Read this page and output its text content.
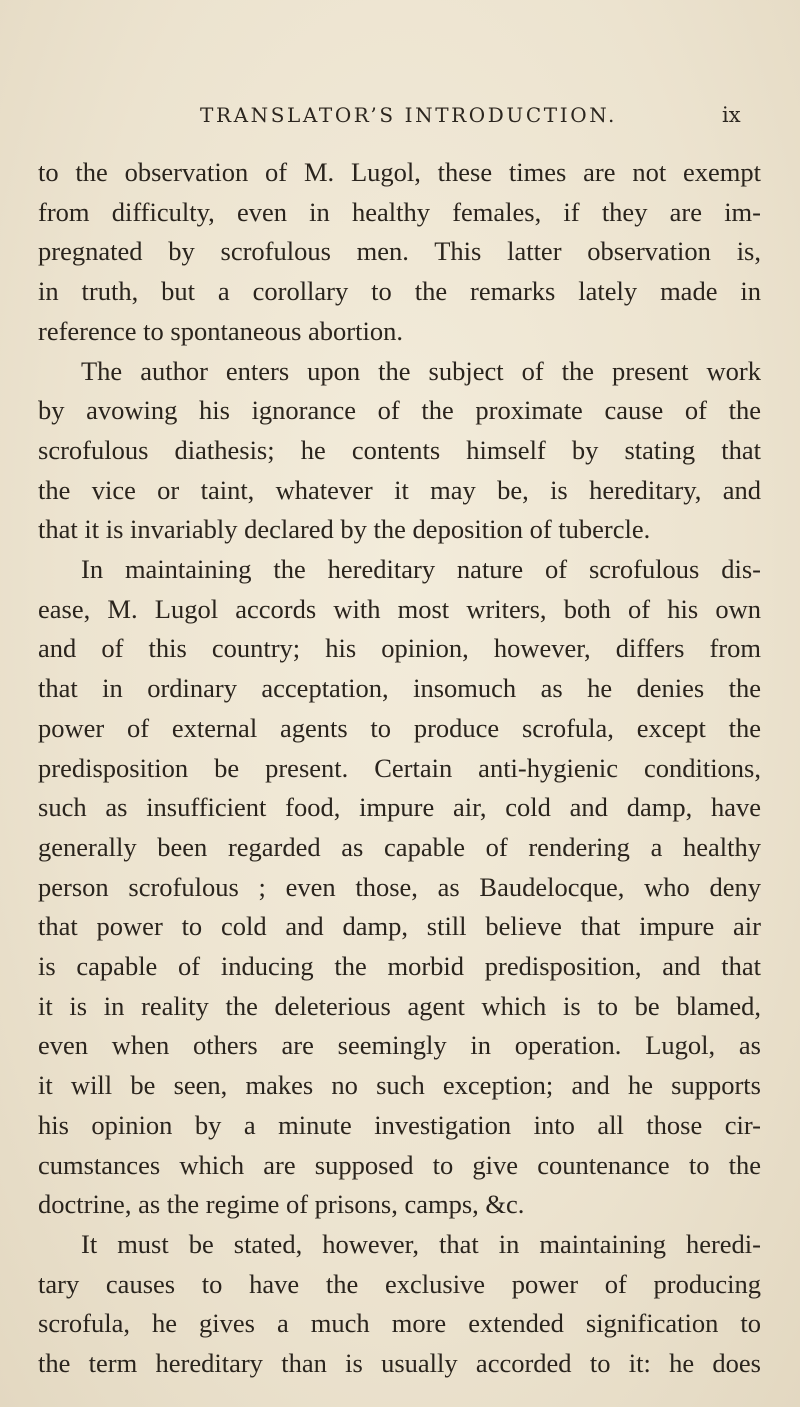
TRANSLATOR’S INTRODUCTION.	ix
to the observation of M. Lugol, these times are not exempt
from difficulty, even in healthy females, if they are im-
pregnated by scrofulous men. This latter observation is,
in truth, but a corollary to the remarks lately made in
reference to spontaneous abortion.
The author enters upon the subject of the present work
by avowing his ignorance of the proximate cause of the
scrofulous diathesis; he contents himself by stating that
the vice or taint, whatever it may be, is hereditary, and
that it is invariably declared by the deposition of tubercle.
In maintaining the hereditary nature of scrofulous dis-
ease, M. Lugol accords with most writers, both of his own
and of this country; his opinion, however, differs from
that in ordinary acceptation, insomuch as he denies the
power of external agents to produce scrofula, except the
predisposition be present. Certain anti-hygienic conditions,
such as insufficient food, impure air, cold and damp, have
generally been regarded as capable of rendering a healthy
person scrofulous ; even those, as Baudelocque, who deny
that power to cold and damp, still believe that impure air
is capable of inducing the morbid predisposition, and that
it is in reality the deleterious agent which is to be blamed,
even when others are seemingly in operation. Lugol, as
it will be seen, makes no such exception; and he supports
his opinion by a minute investigation into all those cir-
cumstances which are supposed to give countenance to the
doctrine, as the regime of prisons, camps, &c.
It must be stated, however, that in maintaining heredi-
tary causes to have the exclusive power of producing
scrofula, he gives a much more extended signification to
the term hereditary than is usually accorded to it: he does
